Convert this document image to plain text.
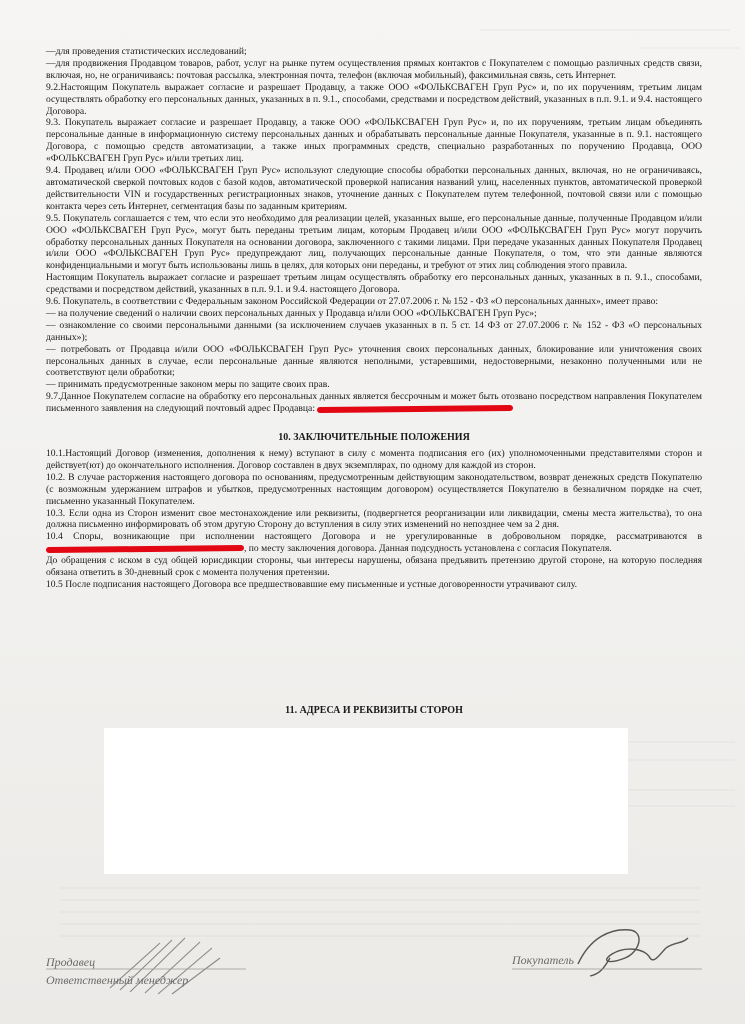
—для проведения статистических исследований;

—для продвижения Продавцом товаров, работ, услуг на рынке путем осуществления прямых контактов с Покупателем с помощью различных средств связи, включая, но, не ограничиваясь: почтовая рассылка, электронная почта, телефон (включая мобильный), факсимильная связь, сеть Интернет.

9.2.Настоящим Покупатель выражает согласие и разрешает Продавцу, а также ООО «ФОЛЬКСВАГЕН Груп Рус» и, по их поручениям, третьим лицам осуществлять обработку его персональных данных, указанных в п. 9.1., способами, средствами и посредством действий, указанных в п.п. 9.1. и 9.4. настоящего Договора.

9.3. Покупатель выражает согласие и разрешает Продавцу, а также ООО «ФОЛЬКСВАГЕН Груп Рус» и, по их поручениям, третьим лицам объединять персональные данные в информационную систему персональных данных и обрабатывать персональные данные Покупателя, указанные в п. 9.1. настоящего Договора, с помощью средств автоматизации, а также иных программных средств, специально разработанных по поручению Продавца, ООО «ФОЛЬКСВАГЕН Груп Рус» и/или третьих лиц.

9.4. Продавец и/или ООО «ФОЛЬКСВАГЕН Груп Рус» используют следующие способы обработки персональных данных, включая, но не ограничиваясь, автоматической сверкой почтовых кодов с базой кодов, автоматической проверкой написания названий улиц, населенных пунктов, автоматической проверкой действительности VIN и государственных регистрационных знаков, уточнение данных с Покупателем путем телефонной, почтовой связи или с помощью контакта через сеть Интернет, сегментация базы по заданным критериям.

9.5. Покупатель соглашается с тем, что если это необходимо для реализации целей, указанных выше, его персональные данные, полученные Продавцом и/или ООО «ФОЛЬКСВАГЕН Груп Рус», могут быть переданы третьим лицам, которым Продавец и/или ООО «ФОЛЬКСВАГЕН Груп Рус» могут поручить обработку персональных данных Покупателя на основании договора, заключенного с такими лицами. При передаче указанных данных Покупателя Продавец и/или ООО «ФОЛЬКСВАГЕН Груп Рус» предупреждают лиц, получающих персональные данные Покупателя, о том, что эти данные являются конфиденциальными и могут быть использованы лишь в целях, для которых они переданы, и требуют от этих лиц соблюдения этого правила.

Настоящим Покупатель выражает согласие и разрешает третьим лицам осуществлять обработку его персональных данных, указанных в п. 9.1., способами, средствами и посредством действий, указанных в п.п. 9.1. и 9.4. настоящего Договора.

9.6. Покупатель, в соответствии с Федеральным законом Российской Федерации от 27.07.2006 г. № 152 - ФЗ «О персональных данных», имеет право:

— на получение сведений о наличии своих персональных данных у Продавца и/или ООО «ФОЛЬКСВАГЕН Груп Рус»;

— ознакомление со своими персональными данными (за исключением случаев указанных в п. 5 ст. 14 ФЗ от 27.07.2006 г. № 152 - ФЗ «О персональных данных»);

— потребовать от Продавца и/или ООО «ФОЛЬКСВАГЕН Груп Рус» уточнения своих персональных данных, блокирование или уничтожения своих персональных данных в случае, если персональные данные являются неполными, устаревшими, недостоверными, незаконно полученными или не соответствуют цели обработки;

— принимать предусмотренные законом меры по защите своих прав.

9.7.Данное Покупателем согласие на обработку его персональных данных является бессрочным и может быть отозвано посредством направления Покупателем письменного заявления на следующий почтовый адрес Продавца:

10. ЗАКЛЮЧИТЕЛЬНЫЕ ПОЛОЖЕНИЯ

10.1.Настоящий Договор (изменения, дополнения к нему) вступают в силу с момента подписания его (их) уполномоченными представителями сторон и действует(ют) до окончательного исполнения. Договор составлен в двух экземплярах, по одному для каждой из сторон.

10.2. В случае расторжения настоящего договора по основаниям, предусмотренным действующим законодательством, возврат денежных средств Покупателю (с возможным удержанием штрафов и убытков, предусмотренных настоящим договором) осуществляется Покупателю в безналичном порядке на счет, письменно указанный Покупателем.

10.3. Если одна из Сторон изменит свое местонахождение или реквизиты, (подвергнется реорганизации или ликвидации, смены места жительства), то она должна письменно информировать об этом другую Сторону до вступления в силу этих изменений но непозднее чем за 2 дня.

10.4 Споры, возникающие при исполнении настоящего Договора и не урегулированные в добровольном порядке, рассматриваются в , по месту заключения договора. Данная подсудность установлена с согласия Покупателя.

До обращения с иском в суд общей юрисдикции стороны, чьи интересы нарушены, обязана предъявить претензию другой стороне, на которую последняя обязана ответить в 30-дневный срок с момента получения претензии.

10.5 После подписания настоящего Договора все предшествовавшие ему письменные и устные договоренности утрачивают силу.

11. АДРЕСА И РЕКВИЗИТЫ СТОРОН
Продавец
Ответственный менеджер
Покупатель
